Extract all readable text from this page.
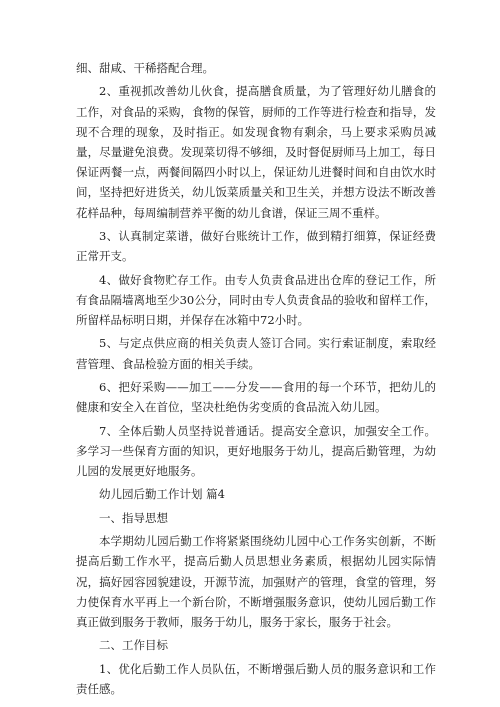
细、甜咸、干稀搭配合理。

2、重视抓改善幼儿伙食，提高膳食质量，为了管理好幼儿膳食的工作，对食品的采购，食物的保管，厨师的工作等进行检查和指导，发现不合理的现象，及时指正。如发现食物有剩余，马上要求采购员减量，尽量避免浪费。发现菜切得不够细，及时督促厨师马上加工，每日保证两餐一点，两餐间隔四小时以上，保证幼儿进餐时间和自由饮水时间，坚持把好进货关，幼儿饭菜质量关和卫生关，并想方设法不断改善花样品种，每周编制营养平衡的幼儿食谱，保证三周不重样。

3、认真制定菜谱，做好台账统计工作，做到精打细算，保证经费正常开支。

4、做好食物贮存工作。由专人负责食品进出仓库的登记工作，所有食品隔墙离地至少30公分，同时由专人负责食品的验收和留样工作，所留样品标明日期，并保存在冰箱中72小时。

5、与定点供应商的相关负责人签订合同。实行索证制度，索取经营管理、食品检验方面的相关手续。

6、把好采购——加工——分发——食用的每一个环节，把幼儿的健康和安全入在首位，坚决杜绝伪劣变质的食品流入幼儿园。

7、全体后勤人员坚持说普通话。提高安全意识，加强安全工作。多学习一些保育方面的知识，更好地服务于幼儿，提高后勤管理，为幼儿园的发展更好地服务。

幼儿园后勤工作计划 篇4

一、指导思想

本学期幼儿园后勤工作将紧紧围绕幼儿园中心工作务实创新，不断提高后勤工作水平，提高后勤人员思想业务素质，根据幼儿园实际情况，搞好园容园貌建设，开源节流，加强财产的管理，食堂的管理，努力使保育水平再上一个新台阶，不断增强服务意识，使幼儿园后勤工作真正做到服务于教师，服务于幼儿，服务于家长，服务于社会。

二、工作目标

1、优化后勤工作人员队伍，不断增强后勤人员的服务意识和工作责任感。
